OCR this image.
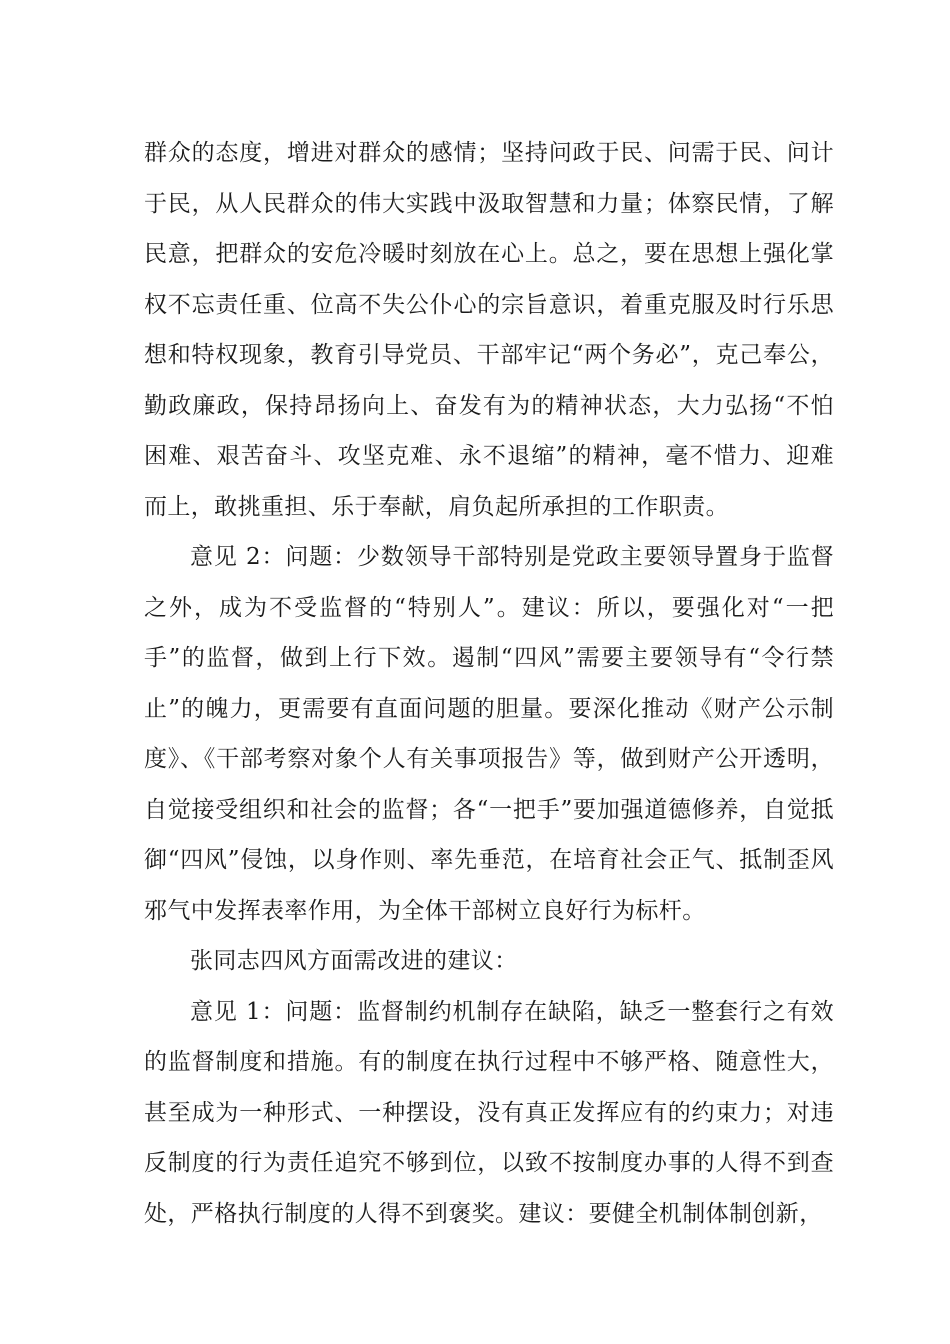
群众的态度，增进对群众的感情；坚持问政于民、问需于民、问计于民，从人民群众的伟大实践中汲取智慧和力量；体察民情，了解民意，把群众的安危冷暖时刻放在心上。总之，要在思想上强化掌权不忘责任重、位高不失公仆心的宗旨意识，着重克服及时行乐思想和特权现象，教育引导党员、干部牢记“两个务必”，克己奉公，勤政廉政，保持昂扬向上、奋发有为的精神状态，大力弘扬“不怕困难、艰苦奋斗、攻坚克难、永不退缩”的精神，毫不惜力、迎难而上，敢挑重担、乐于奉献，肩负起所承担的工作职责。

意见 2：问题：少数领导干部特别是党政主要领导置身于监督之外，成为不受监督的“特别人”。建议：所以，要强化对“一把手”的监督，做到上行下效。遏制“四风”需要主要领导有“令行禁止”的魄力，更需要有直面问题的胆量。要深化推动《财产公示制度》、《干部考察对象个人有关事项报告》等，做到财产公开透明，自觉接受组织和社会的监督；各“一把手”要加强道德修养，自觉抵御“四风”侵蚀，以身作则、率先垂范，在培育社会正气、抵制歪风邪气中发挥表率作用，为全体干部树立良好行为标杆。

张同志四风方面需改进的建议：

意见 1：问题：监督制约机制存在缺陷，缺乏一整套行之有效的监督制度和措施。有的制度在执行过程中不够严格、随意性大，甚至成为一种形式、一种摆设，没有真正发挥应有的约束力；对违反制度的行为责任追究不够到位，以致不按制度办事的人得不到查处，严格执行制度的人得不到褒奖。建议：要健全机制体制创新，
